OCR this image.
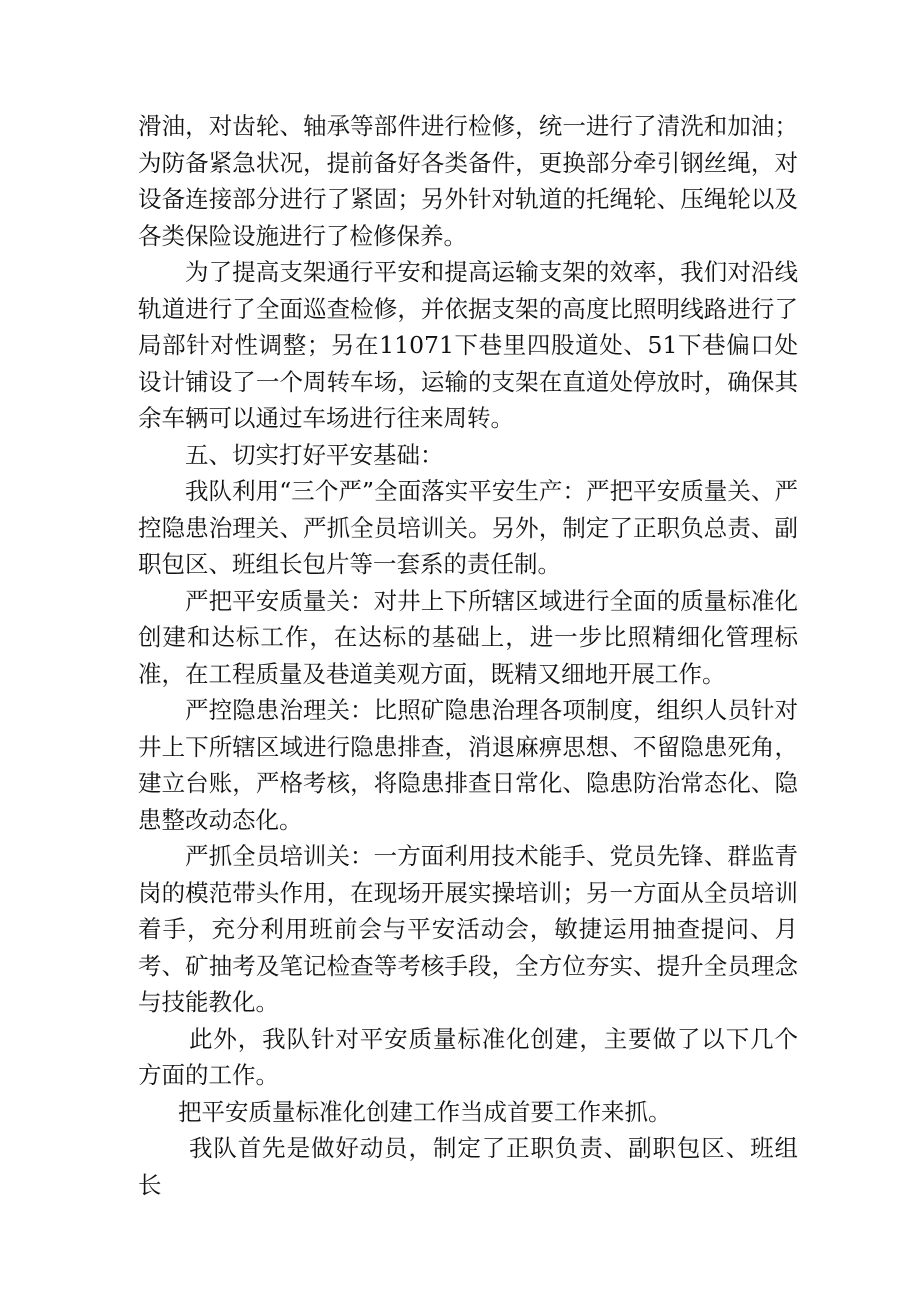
滑油，对齿轮、轴承等部件进行检修，统一进行了清洗和加油；为防备紧急状况，提前备好各类备件，更换部分牵引钢丝绳，对设备连接部分进行了紧固；另外针对轨道的托绳轮、压绳轮以及各类保险设施进行了检修保养。

为了提高支架通行平安和提高运输支架的效率，我们对沿线轨道进行了全面巡查检修，并依据支架的高度比照明线路进行了局部针对性调整；另在11071下巷里四股道处、51下巷偏口处设计铺设了一个周转车场，运输的支架在直道处停放时，确保其余车辆可以通过车场进行往来周转。

五、切实打好平安基础：

我队利用“三个严”全面落实平安生产：严把平安质量关、严控隐患治理关、严抓全员培训关。另外，制定了正职负总责、副职包区、班组长包片等一套系的责任制。

严把平安质量关：对井上下所辖区域进行全面的质量标准化创建和达标工作，在达标的基础上，进一步比照精细化管理标准，在工程质量及巷道美观方面，既精又细地开展工作。

严控隐患治理关：比照矿隐患治理各项制度，组织人员针对井上下所辖区域进行隐患排查，消退麻痹思想、不留隐患死角，建立台账，严格考核，将隐患排查日常化、隐患防治常态化、隐患整改动态化。

严抓全员培训关：一方面利用技术能手、党员先锋、群监青岗的模范带头作用，在现场开展实操培训；另一方面从全员培训着手，充分利用班前会与平安活动会，敏捷运用抽查提问、月考、矿抽考及笔记检查等考核手段，全方位夯实、提升全员理念与技能教化。

此外，我队针对平安质量标准化创建，主要做了以下几个方面的工作。

把平安质量标准化创建工作当成首要工作来抓。

我队首先是做好动员，制定了正职负责、副职包区、班组长
